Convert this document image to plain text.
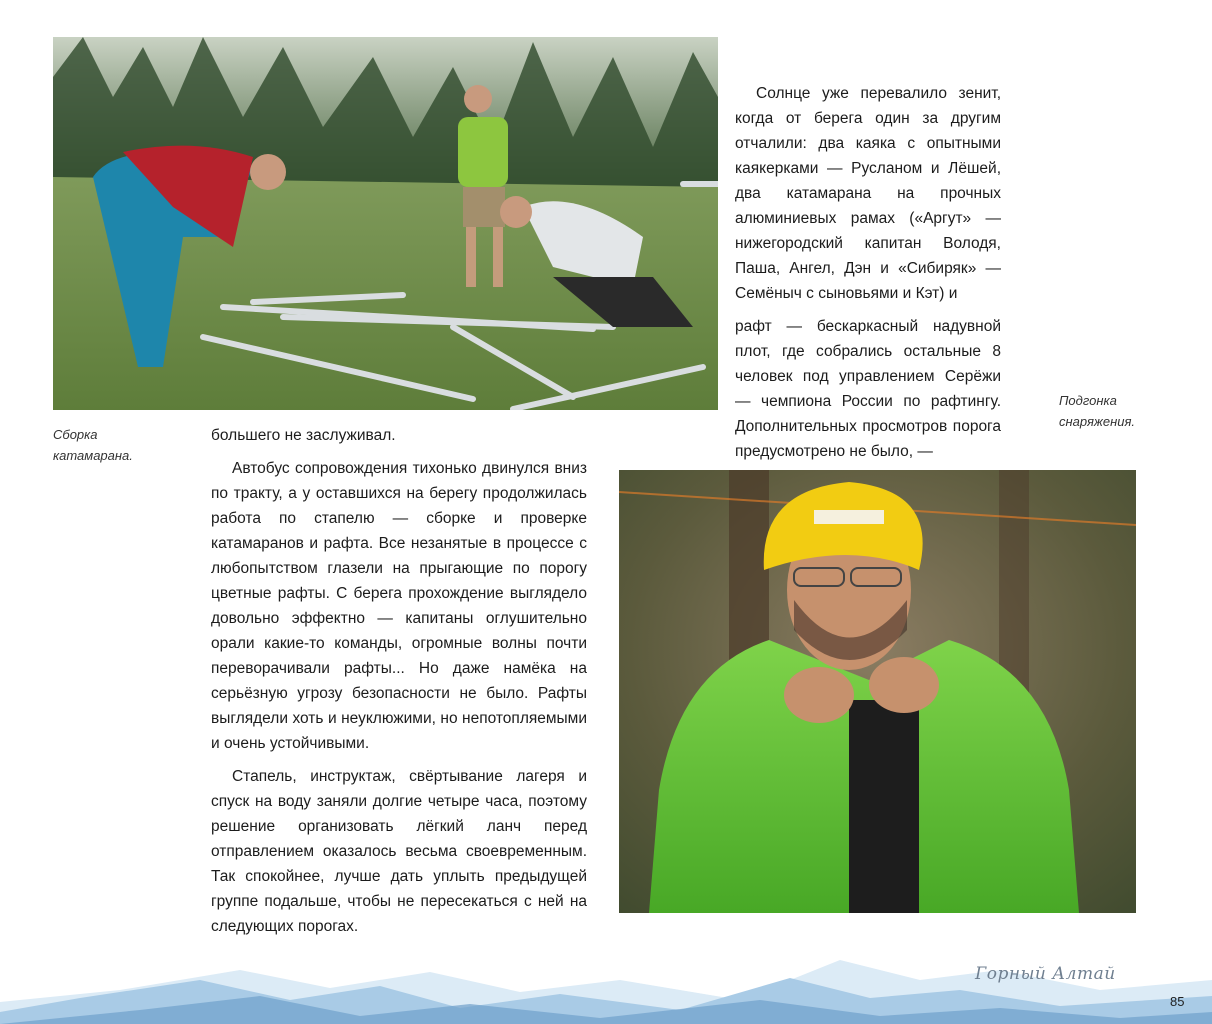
Сборка катамарана.

Солнце уже перевалило зенит, когда от берега один за другим отчалили: два каяка с опытными каякерками — Русланом и Лёшей, два катамарана на прочных алюминиевых рамах («Аргут» — нижегородский капитан Володя, Паша, Ангел, Дэн и «Сибиряк» — Семёныч с сыновьями и Кэт) и

рафт — бескаркасный надувной плот, где собрались остальные 8 человек под управлением Серёжи — чемпиона России по рафтингу. Дополнительных просмотров порога предусмотрено не было, —

Подгонка снаряжения.

большего не заслуживал.

Автобус сопровождения тихонько двинулся вниз по тракту, а у оставшихся на берегу продолжилась работа по стапелю — сборке и проверке катамаранов и рафта. Все незанятые в процессе с любопытством глазели на прыгающие по порогу цветные рафты. С берега прохождение выглядело довольно эффектно — капитаны оглушительно орали какие-то команды, огромные волны почти переворачивали рафты... Но даже намёка на серьёзную угрозу безопасности не было. Рафты выглядели хоть и неуклюжими, но непотопляемыми и очень устойчивыми.

Стапель, инструктаж, свёртывание лагеря и спуск на воду заняли долгие четыре часа, поэтому решение организовать лёгкий ланч перед отправлением оказалось весьма своевременным. Так спокойнее, лучше дать уплыть предыдущей группе подальше, чтобы не пересекаться с ней на следующих порогах.

Горный Алтай
85
